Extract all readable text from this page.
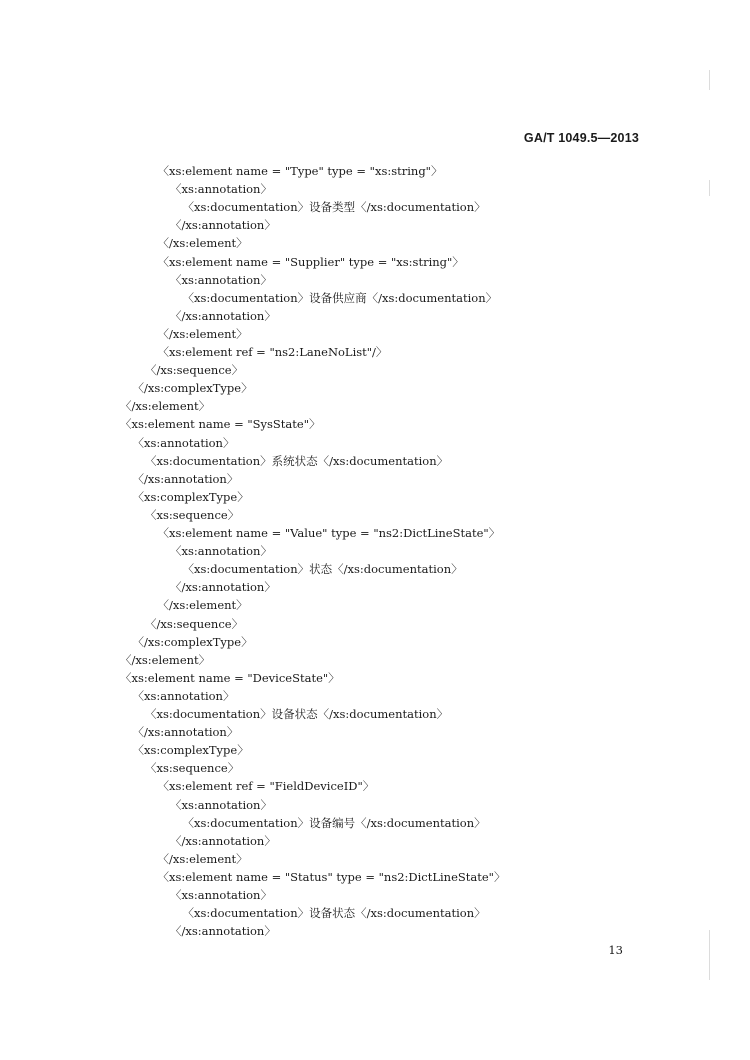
GA/T 1049.5—2013
〈xs:element name = "Type" type = "xs:string"〉
〈xs:annotation〉
〈xs:documentation〉设备类型〈/xs:documentation〉
〈/xs:annotation〉
〈/xs:element〉
〈xs:element name = "Supplier" type = "xs:string"〉
〈xs:annotation〉
〈xs:documentation〉设备供应商〈/xs:documentation〉
〈/xs:annotation〉
〈/xs:element〉
〈xs:element ref = "ns2:LaneNoList"/〉
〈/xs:sequence〉
〈/xs:complexType〉
〈/xs:element〉
〈xs:element name = "SysState"〉
〈xs:annotation〉
〈xs:documentation〉系统状态〈/xs:documentation〉
〈/xs:annotation〉
〈xs:complexType〉
〈xs:sequence〉
〈xs:element name = "Value" type = "ns2:DictLineState"〉
〈xs:annotation〉
〈xs:documentation〉状态〈/xs:documentation〉
〈/xs:annotation〉
〈/xs:element〉
〈/xs:sequence〉
〈/xs:complexType〉
〈/xs:element〉
〈xs:element name = "DeviceState"〉
〈xs:annotation〉
〈xs:documentation〉设备状态〈/xs:documentation〉
〈/xs:annotation〉
〈xs:complexType〉
〈xs:sequence〉
〈xs:element ref = "FieldDeviceID"〉
〈xs:annotation〉
〈xs:documentation〉设备编号〈/xs:documentation〉
〈/xs:annotation〉
〈/xs:element〉
〈xs:element name = "Status" type = "ns2:DictLineState"〉
〈xs:annotation〉
〈xs:documentation〉设备状态〈/xs:documentation〉
〈/xs:annotation〉
13
